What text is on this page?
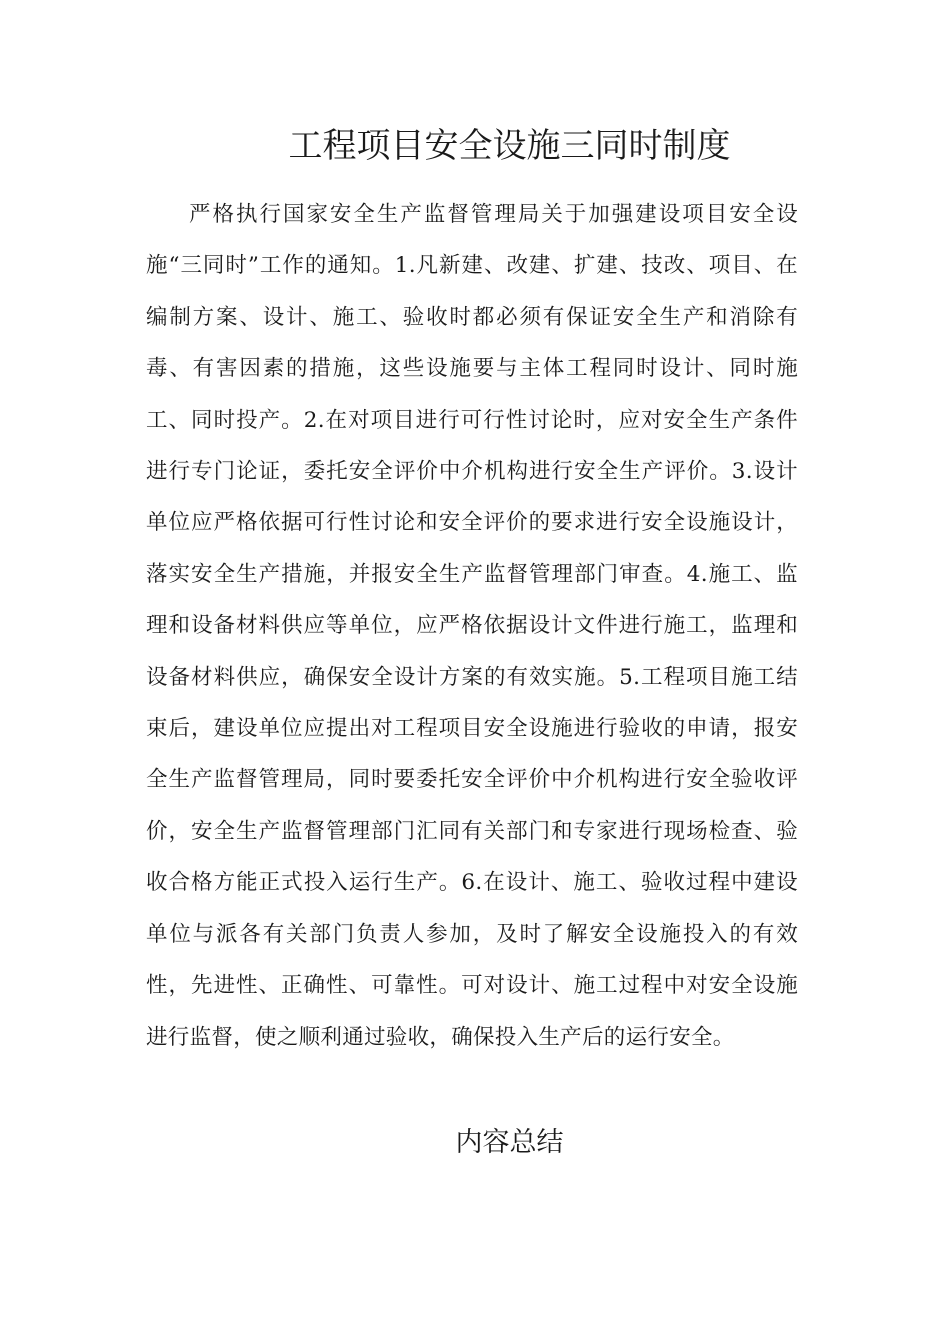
工程项目安全设施三同时制度

严格执行国家安全生产监督管理局关于加强建设项目安全设施“三同时”工作的通知。1.凡新建、改建、扩建、技改、项目、在编制方案、设计、施工、验收时都必须有保证安全生产和消除有毒、有害因素的措施，这些设施要与主体工程同时设计、同时施工、同时投产。2.在对项目进行可行性讨论时，应对安全生产条件进行专门论证，委托安全评价中介机构进行安全生产评价。3.设计单位应严格依据可行性讨论和安全评价的要求进行安全设施设计，落实安全生产措施，并报安全生产监督管理部门审查。4.施工、监理和设备材料供应等单位，应严格依据设计文件进行施工，监理和设备材料供应，确保安全设计方案的有效实施。5.工程项目施工结束后，建设单位应提出对工程项目安全设施进行验收的申请，报安全生产监督管理局，同时要委托安全评价中介机构进行安全验收评价，安全生产监督管理部门汇同有关部门和专家进行现场检查、验收合格方能正式投入运行生产。6.在设计、施工、验收过程中建设单位与派各有关部门负责人参加，及时了解安全设施投入的有效性，先进性、正确性、可靠性。可对设计、施工过程中对安全设施进行监督，使之顺利通过验收，确保投入生产后的运行安全。

内容总结
